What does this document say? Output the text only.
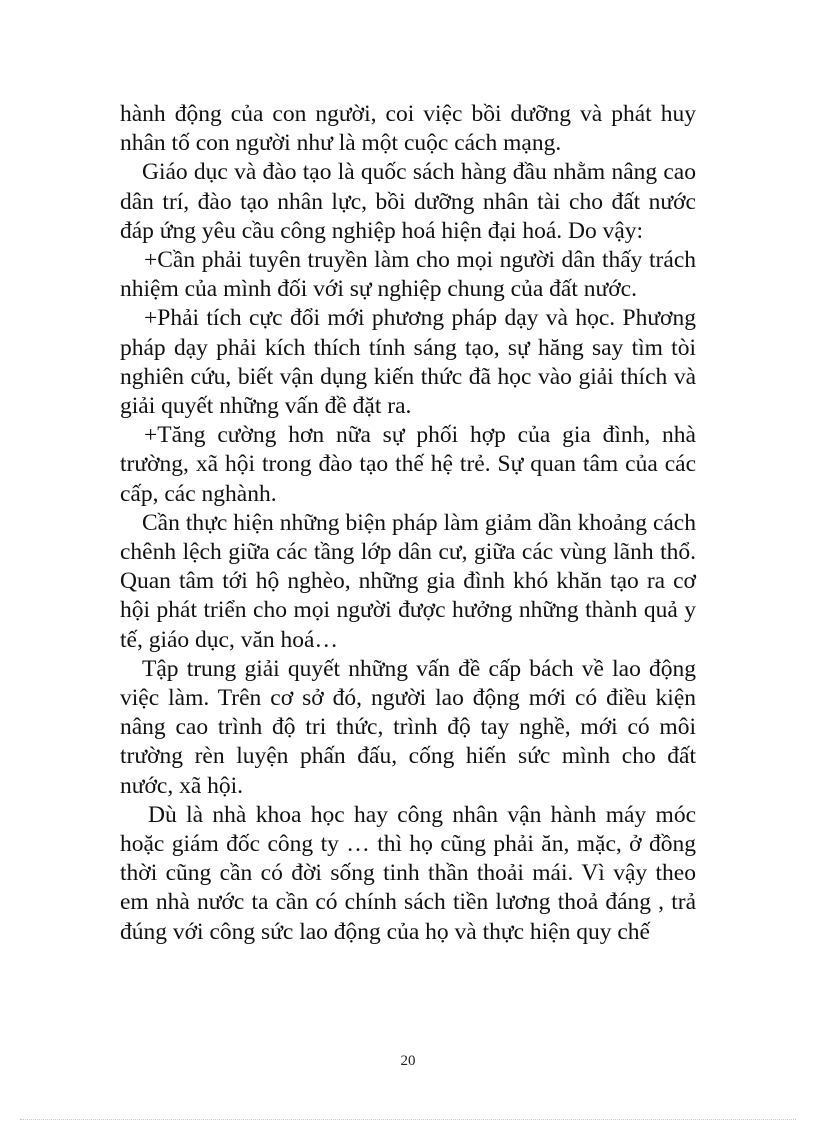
hành động của con người, coi việc bồi dưỡng và phát huy nhân tố con người như là một cuộc cách mạng.

Giáo dục và đào tạo là quốc sách hàng đầu nhằm nâng cao dân trí, đào tạo nhân lực, bồi dưỡng nhân tài cho đất nước đáp ứng yêu cầu công nghiệp hoá hiện đại hoá. Do vậy:

+Cần phải tuyên truyền làm cho mọi người dân thấy trách nhiệm của mình đối với sự nghiệp chung của đất nước.

+Phải tích cực đổi mới phương pháp dạy và học. Phương pháp dạy phải kích thích tính sáng tạo, sự hăng say tìm tòi nghiên cứu, biết vận dụng kiến thức đã học vào giải thích và giải quyết những vấn đề đặt ra.

+Tăng cường hơn nữa sự phối hợp của gia đình, nhà trường, xã hội trong đào tạo thế hệ trẻ. Sự quan tâm của các cấp, các nghành.

Cần thực hiện những biện pháp làm giảm dần khoảng cách chênh lệch giữa các tầng lớp dân cư, giữa các vùng lãnh thổ. Quan tâm tới hộ nghèo, những gia đình khó khăn tạo ra cơ hội phát triển cho mọi người được hưởng những thành quả y tế, giáo dục, văn hoá…

Tập trung giải quyết những vấn đề cấp bách về lao động việc làm. Trên cơ sở đó, người lao động mới có điều kiện nâng cao trình độ tri thức, trình độ tay nghề, mới có môi trường rèn luyện phấn đấu, cống hiến sức mình cho đất nước, xã hội.

Dù là nhà khoa học hay công nhân vận hành máy móc hoặc giám đốc công ty … thì họ cũng phải ăn, mặc, ở đồng thời cũng cần có đời sống tinh thần thoải mái. Vì vậy theo em nhà nước ta cần có chính sách tiền lương thoả đáng , trả đúng với công sức lao động của họ và thực hiện quy chế

20
